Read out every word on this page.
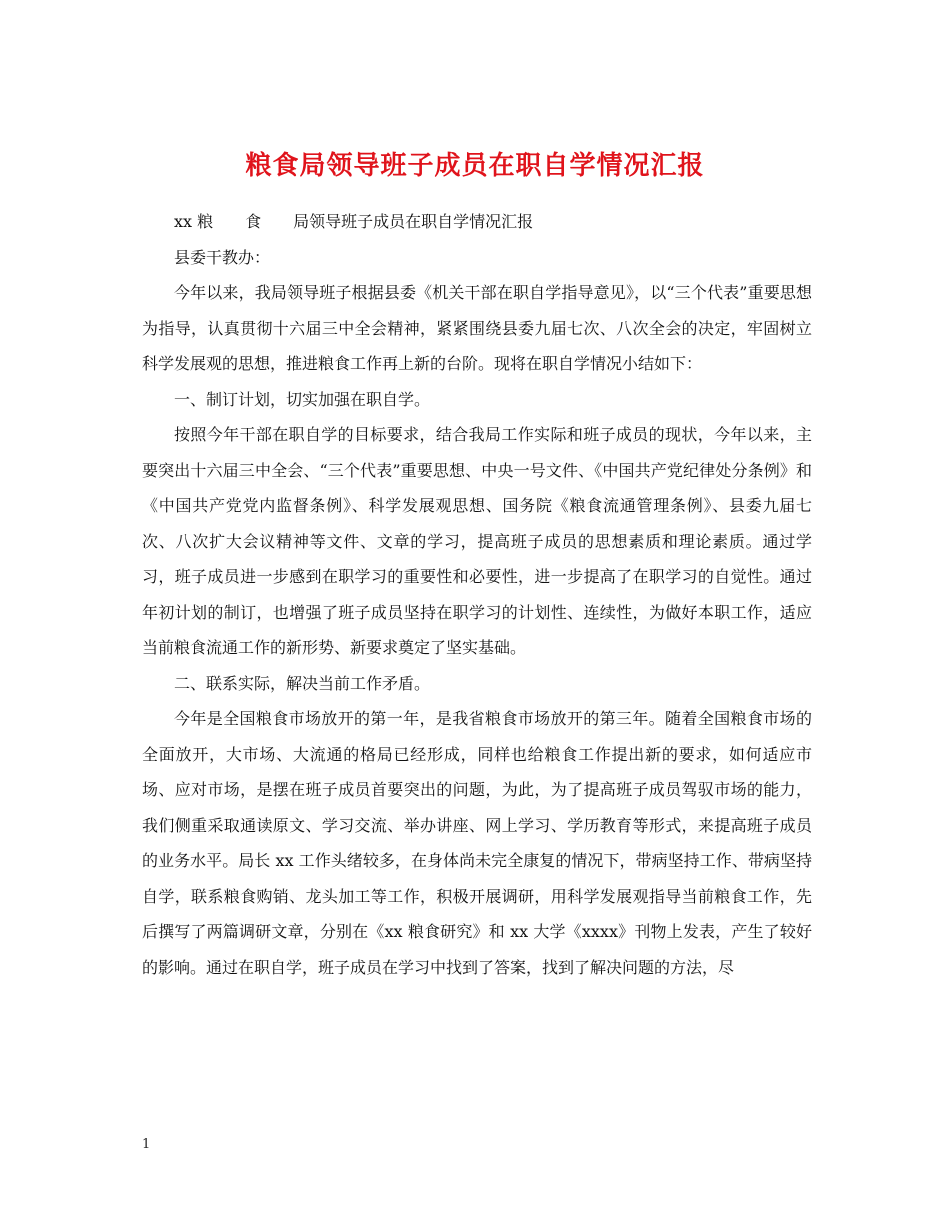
粮食局领导班子成员在职自学情况汇报

xx 粮　　食　　局领导班子成员在职自学情况汇报

县委干教办：

今年以来，我局领导班子根据县委《机关干部在职自学指导意见》，以“三个代表”重要思想为指导，认真贯彻十六届三中全会精神，紧紧围绕县委九届七次、八次全会的决定，牢固树立科学发展观的思想，推进粮食工作再上新的台阶。现将在职自学情况小结如下：

一、制订计划，切实加强在职自学。

按照今年干部在职自学的目标要求，结合我局工作实际和班子成员的现状，今年以来，主要突出十六届三中全会、“三个代表”重要思想、中央一号文件、《中国共产党纪律处分条例》和《中国共产党党内监督条例》、科学发展观思想、国务院《粮食流通管理条例》、县委九届七次、八次扩大会议精神等文件、文章的学习，提高班子成员的思想素质和理论素质。通过学习，班子成员进一步感到在职学习的重要性和必要性，进一步提高了在职学习的自觉性。通过年初计划的制订，也增强了班子成员坚持在职学习的计划性、连续性，为做好本职工作，适应当前粮食流通工作的新形势、新要求奠定了坚实基础。

二、联系实际，解决当前工作矛盾。

今年是全国粮食市场放开的第一年，是我省粮食市场放开的第三年。随着全国粮食市场的全面放开，大市场、大流通的格局已经形成，同样也给粮食工作提出新的要求，如何适应市场、应对市场，是摆在班子成员首要突出的问题，为此，为了提高班子成员驾驭市场的能力，我们侧重采取通读原文、学习交流、举办讲座、网上学习、学历教育等形式，来提高班子成员的业务水平。局长 xx 工作头绪较多，在身体尚未完全康复的情况下，带病坚持工作、带病坚持自学，联系粮食购销、龙头加工等工作，积极开展调研，用科学发展观指导当前粮食工作，先后撰写了两篇调研文章，分别在《xx 粮食研究》和 xx 大学《xxxx》刊物上发表，产生了较好的影响。通过在职自学，班子成员在学习中找到了答案，找到了解决问题的方法，尽

1
